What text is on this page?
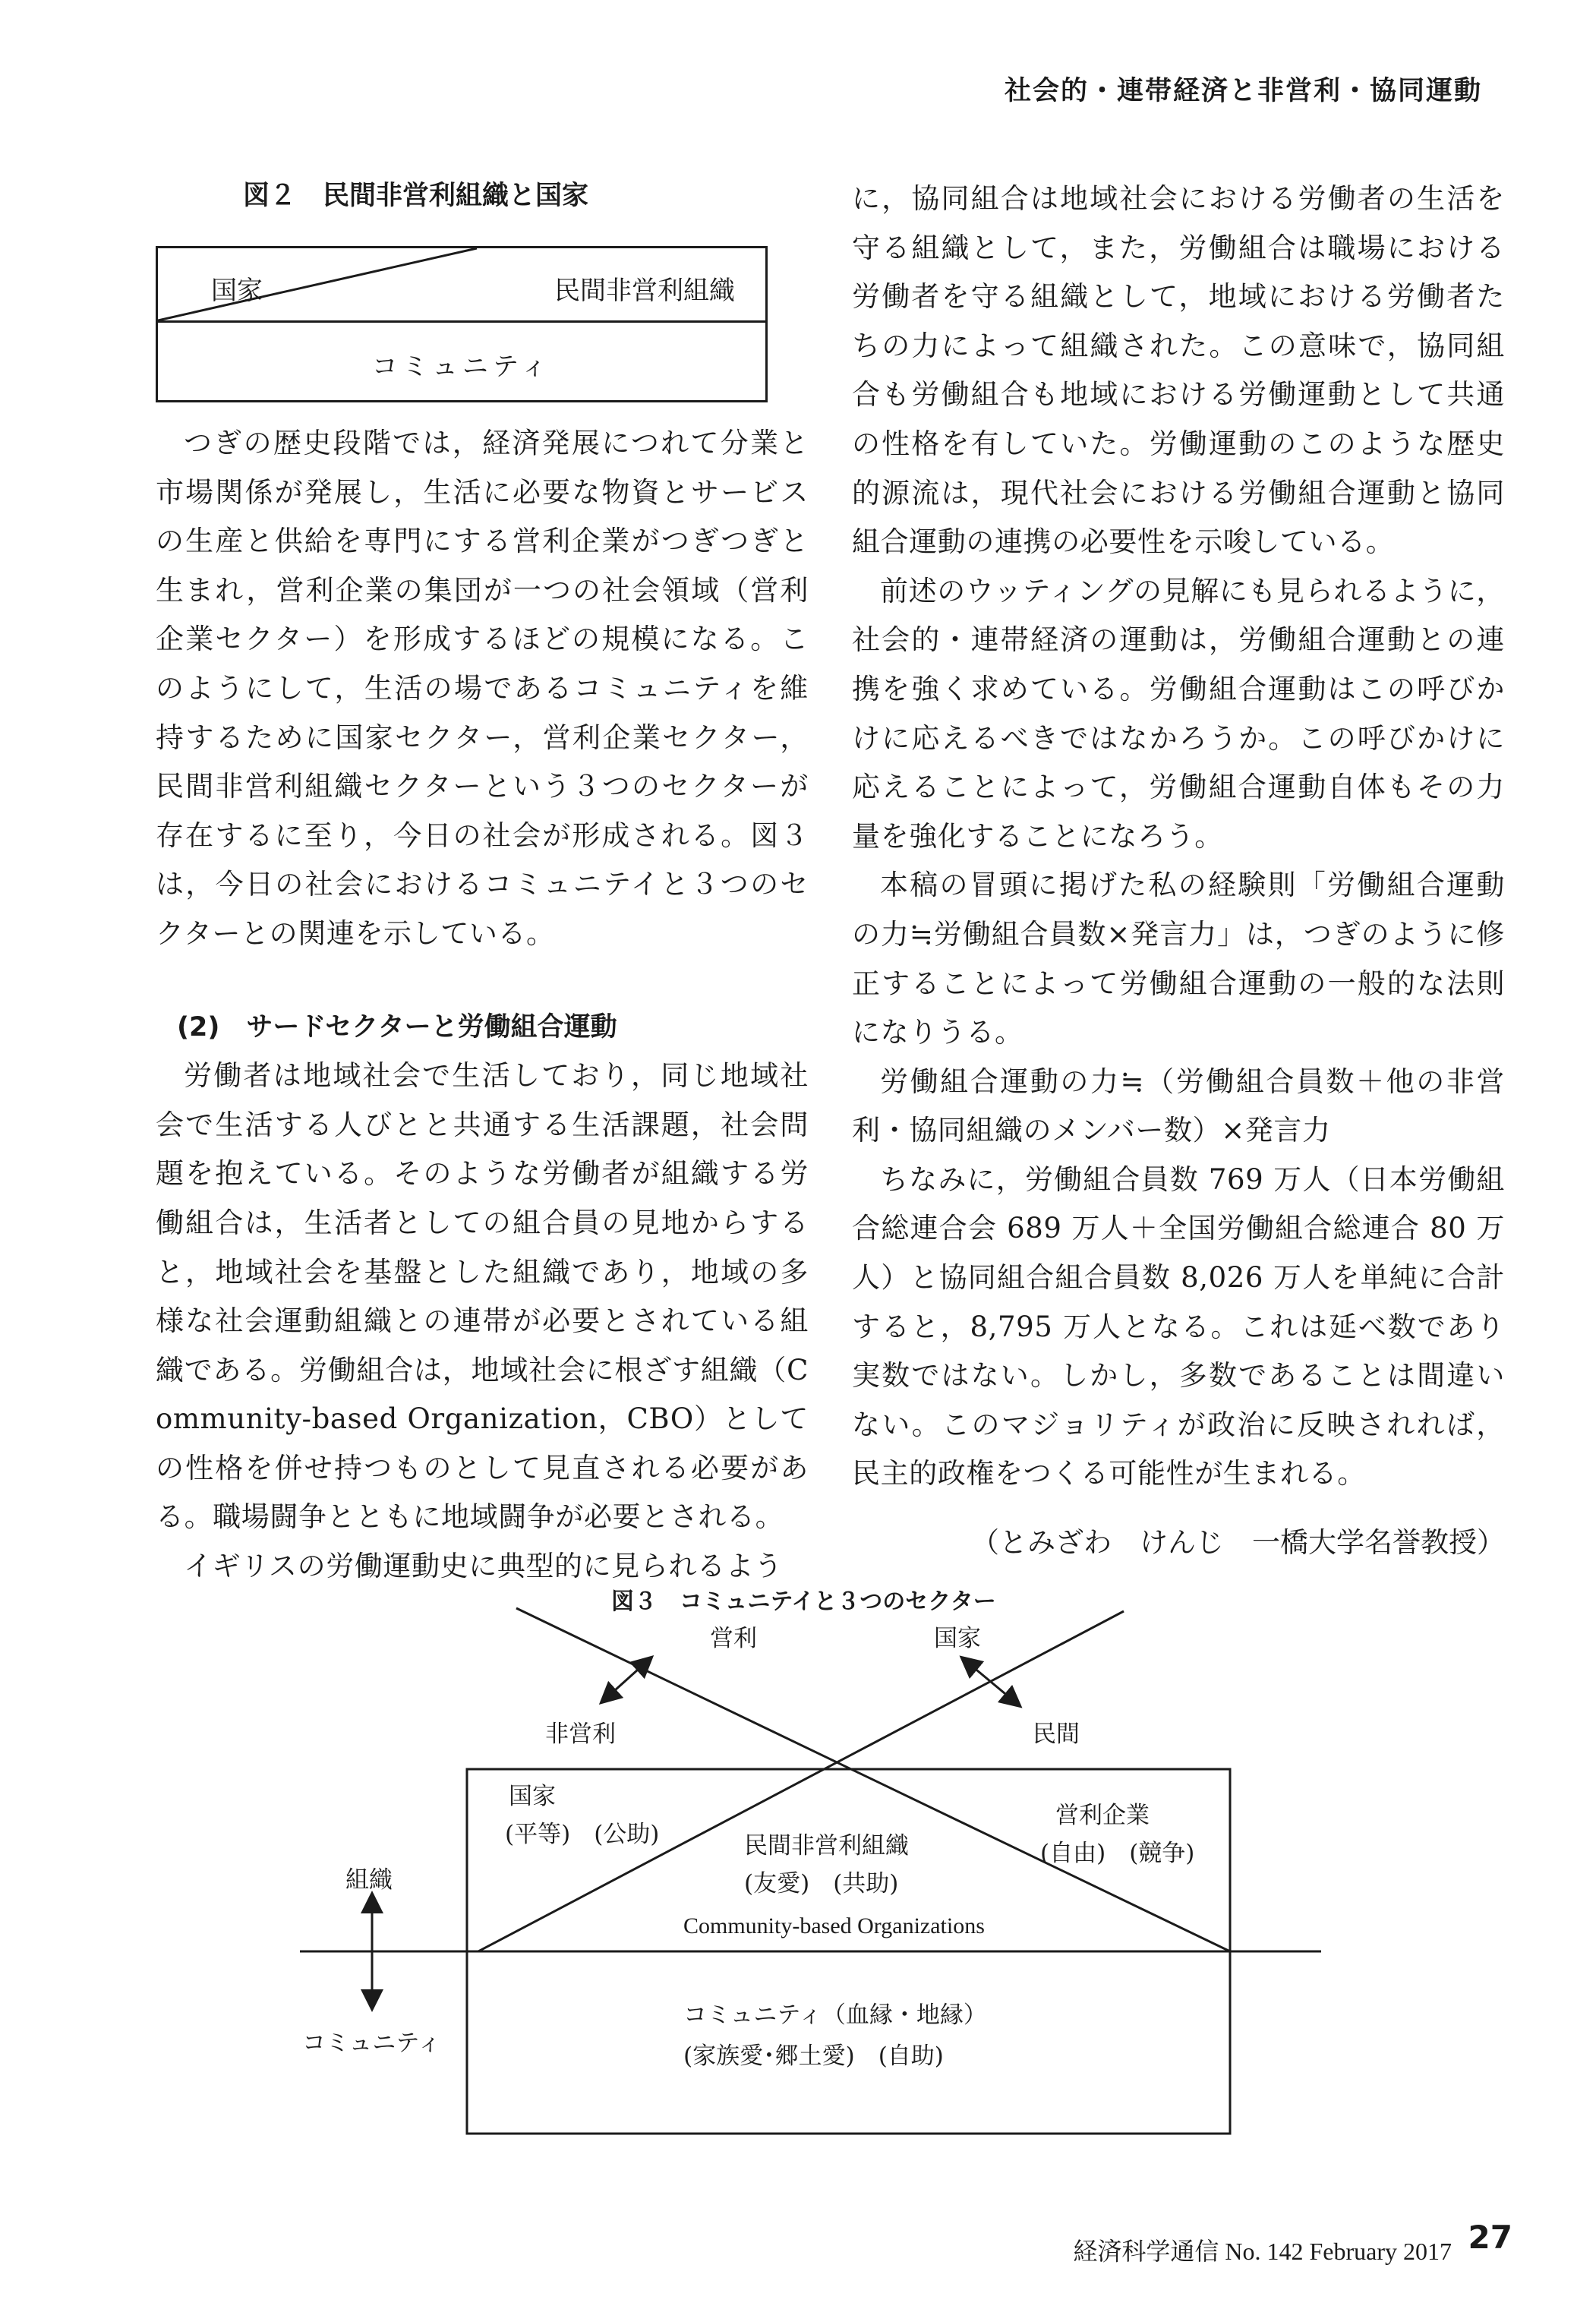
社会的・連帯経済と非営利・協同運動
図２　民間非営利組織と国家
国家	民間非営利組織
コミュニティ

つぎの歴史段階では，経済発展につれて分業と市場関係が発展し，生活に必要な物資とサービスの生産と供給を専門にする営利企業がつぎつぎと生まれ，営利企業の集団が一つの社会領域（営利企業セクター）を形成するほどの規模になる。このようにして，生活の場であるコミュニティを維持するために国家セクター，営利企業セクター，民間非営利組織セクターという３つのセクターが存在するに至り，今日の社会が形成される。図３は，今日の社会におけるコミュニテイと３つのセクターとの関連を示している。

(2)　サードセクターと労働組合運動

労働者は地域社会で生活しており，同じ地域社会で生活する人びとと共通する生活課題，社会問題を抱えている。そのような労働者が組織する労働組合は，生活者としての組合員の見地からすると，地域社会を基盤とした組織であり，地域の多様な社会運動組織との連帯が必要とされている組織である。労働組合は，地域社会に根ざす組織（Community-based Organization，CBO）としての性格を併せ持つものとして見直される必要がある。職場闘争とともに地域闘争が必要とされる。

イギリスの労働運動史に典型的に見られるよう

に，協同組合は地域社会における労働者の生活を守る組織として，また，労働組合は職場における労働者を守る組織として，地域における労働者たちの力によって組織された。この意味で，協同組合も労働組合も地域における労働運動として共通の性格を有していた。労働運動のこのような歴史的源流は，現代社会における労働組合運動と協同組合運動の連携の必要性を示唆している。

前述のウッティングの見解にも見られるように，社会的・連帯経済の運動は，労働組合運動との連携を強く求めている。労働組合運動はこの呼びかけに応えるべきではなかろうか。この呼びかけに応えることによって，労働組合運動自体もその力量を強化することになろう。

本稿の冒頭に掲げた私の経験則「労働組合運動の力≒労働組合員数×発言力」は，つぎのように修正することによって労働組合運動の一般的な法則になりうる。

労働組合運動の力≒（労働組合員数＋他の非営利・協同組織のメンバー数）×発言力

ちなみに，労働組合員数 769 万人（日本労働組合総連合会 689 万人＋全国労働組合総連合 80 万人）と協同組合組合員数 8,026 万人を単純に合計すると，8,795 万人となる。これは延べ数であり実数ではない。しかし，多数であることは間違いない。このマジョリティが政治に反映されれば，民主的政権をつくる可能性が生まれる。

（とみざわ　けんじ　一橋大学名誉教授）
図３　コミュニテイと３つのセクター
営利	国家
非営利	民間
国家
(平等)　(公助)	民間非営利組織
(友愛)　(共助)
営利企業
(自由)　(競争)
Community-based Organizations
組織
コミュニティ
コミュニティ（血縁・地縁）
(家族愛･郷土愛)　(自助)
経済科学通信 No. 142 February 2017 27
